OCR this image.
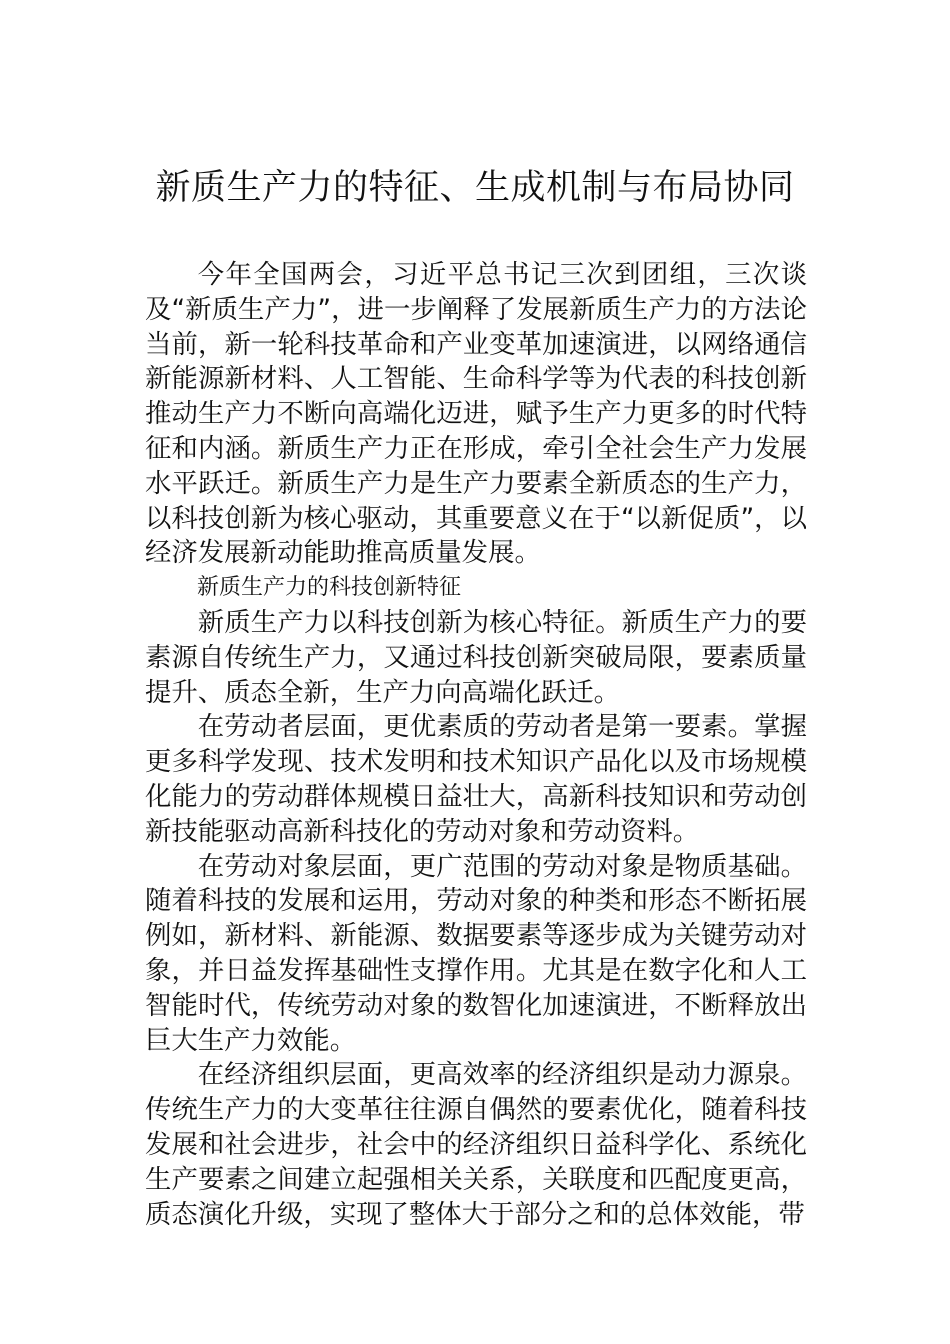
新质生产力的特征、生成机制与布局协同

今年全国两会，习近平总书记三次到团组，三次谈及“新质生产力”，进一步阐释了发展新质生产力的方法论当前，新一轮科技革命和产业变革加速演进，以网络通信新能源新材料、人工智能、生命科学等为代表的科技创新推动生产力不断向高端化迈进，赋予生产力更多的时代特征和内涵。新质生产力正在形成，牵引全社会生产力发展水平跃迁。新质生产力是生产力要素全新质态的生产力，以科技创新为核心驱动，其重要意义在于“以新促质”，以经济发展新动能助推高质量发展。

新质生产力的科技创新特征

新质生产力以科技创新为核心特征。新质生产力的要素源自传统生产力，又通过科技创新突破局限，要素质量提升、质态全新，生产力向高端化跃迁。

在劳动者层面，更优素质的劳动者是第一要素。掌握更多科学发现、技术发明和技术知识产品化以及市场规模化能力的劳动群体规模日益壮大，高新科技知识和劳动创新技能驱动高新科技化的劳动对象和劳动资料。

在劳动对象层面，更广范围的劳动对象是物质基础。随着科技的发展和运用，劳动对象的种类和形态不断拓展例如，新材料、新能源、数据要素等逐步成为关键劳动对象，并日益发挥基础性支撑作用。尤其是在数字化和人工智能时代，传统劳动对象的数智化加速演进，不断释放出巨大生产力效能。

在经济组织层面，更高效率的经济组织是动力源泉。传统生产力的大变革往往源自偶然的要素优化，随着科技发展和社会进步，社会中的经济组织日益科学化、系统化生产要素之间建立起强相关关系，关联度和匹配度更高，质态演化升级，实现了整体大于部分之和的总体效能，带
